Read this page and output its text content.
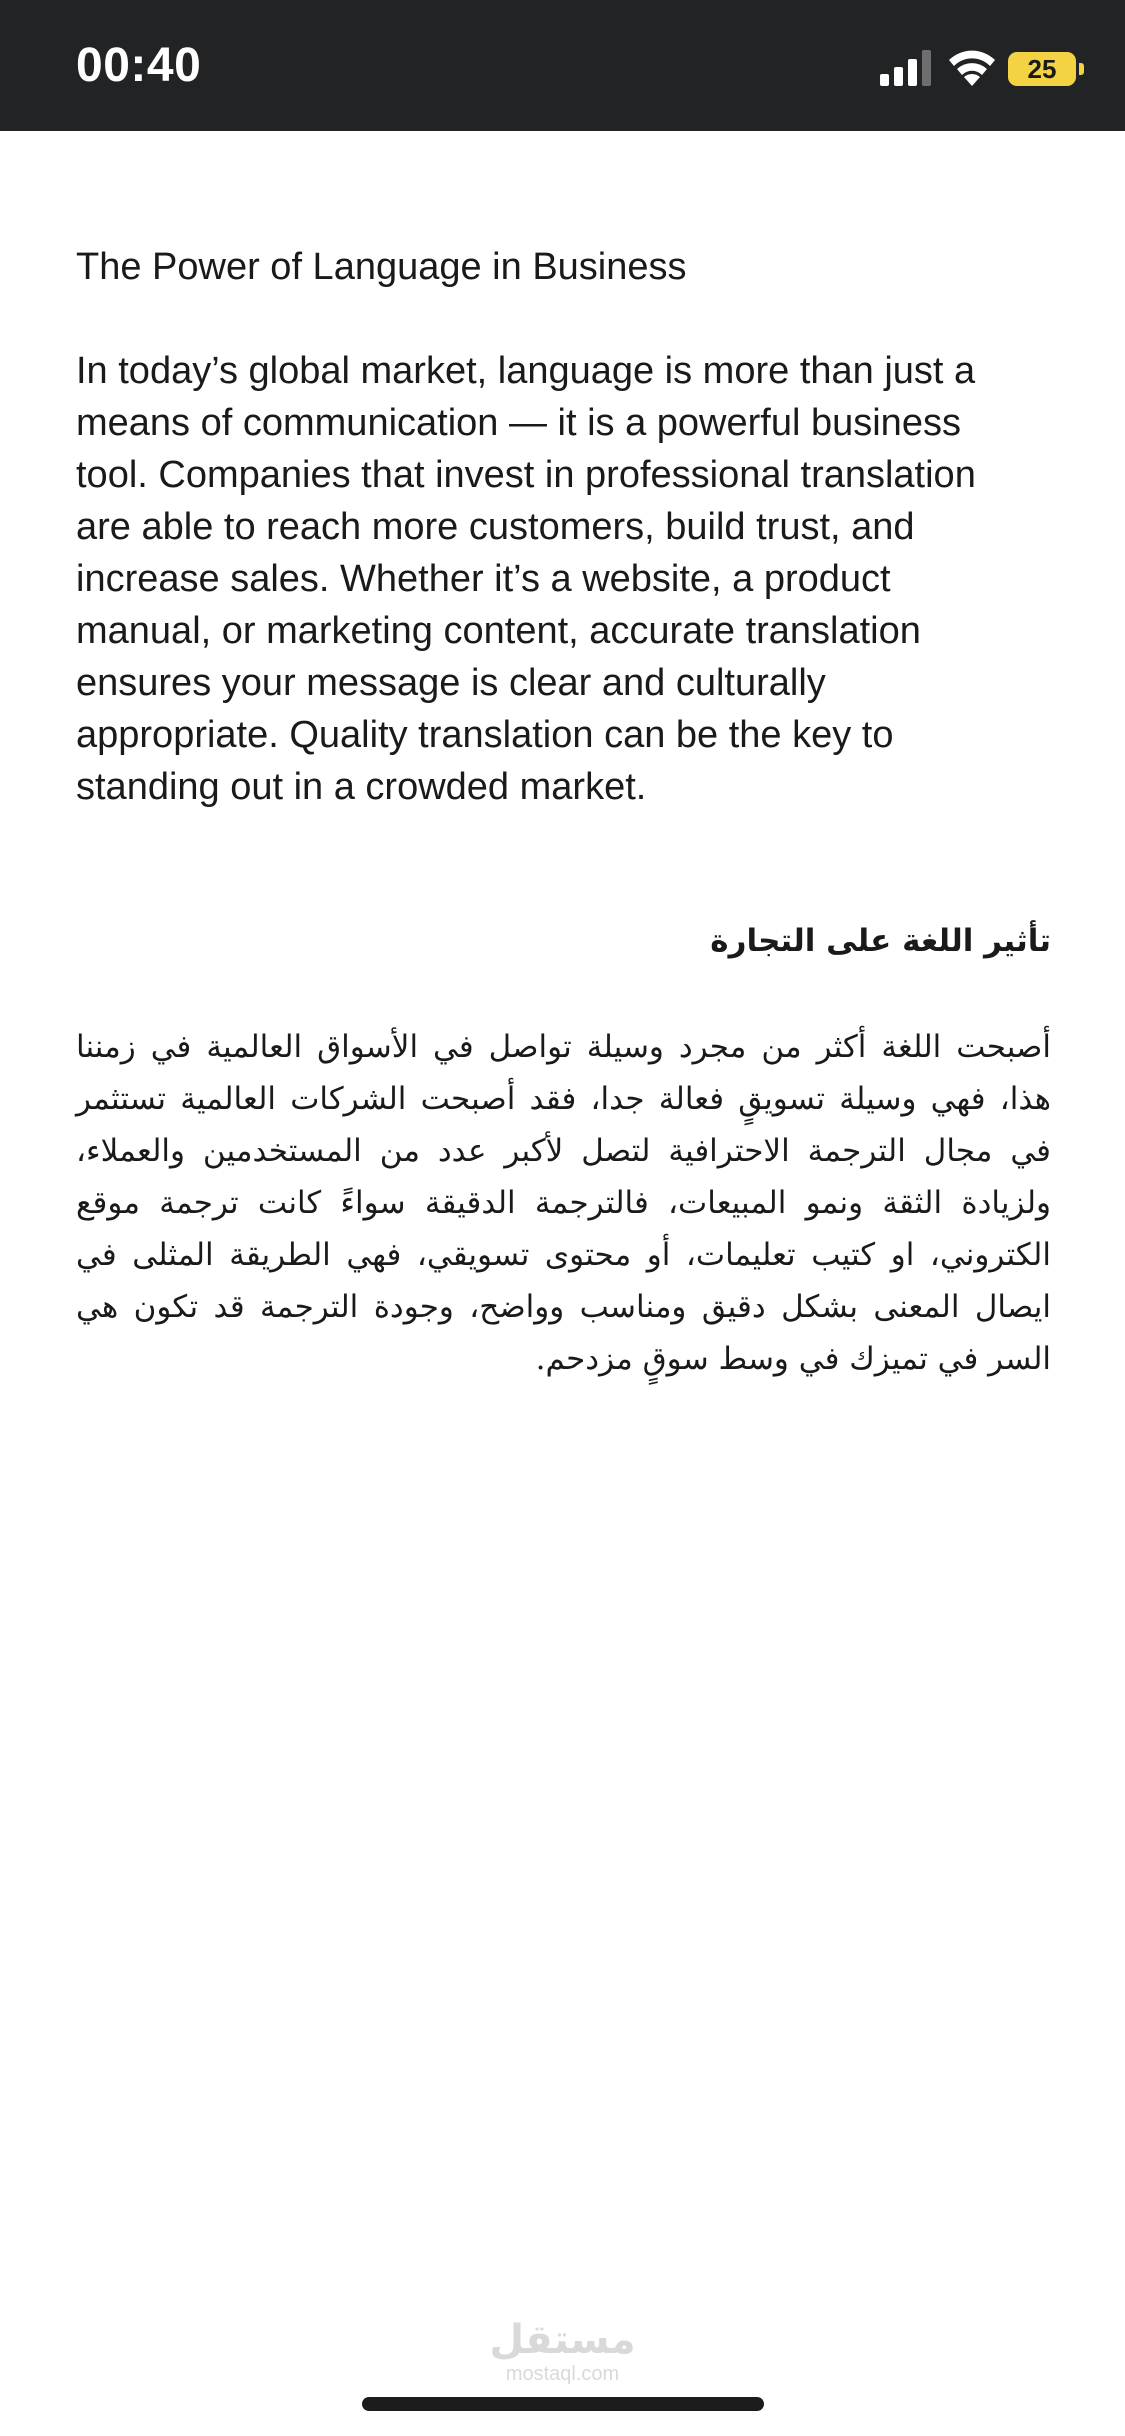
00:40	25

The Power of Language in Business

In today’s global market, language is more than just a means of communication — it is a powerful business tool. Companies that invest in professional translation are able to reach more customers, build trust, and increase sales. Whether it’s a website, a product manual, or marketing content, accurate translation ensures your message is clear and culturally appropriate. Quality translation can be the key to standing out in a crowded market.

تأثير اللغة على التجارة

أصبحت اللغة أكثر من مجرد وسيلة تواصل في الأسواق العالمية في زمننا هذا، فهي وسيلة تسويقٍ فعالة جدا، فقد أصبحت الشركات العالمية تستثمر في مجال الترجمة الاحترافية لتصل لأكبر عدد من المستخدمين والعملاء، ولزيادة الثقة ونمو المبيعات، فالترجمة الدقيقة سواءً كانت ترجمة موقع الكتروني، او كتيب تعليمات، أو محتوى تسويقي، فهي الطريقة المثلى في ايصال المعنى بشكل دقيق ومناسب وواضح، وجودة الترجمة قد تكون هي السر في تميزك في وسط سوقٍ مزدحم.

مستقل
mostaql.com
